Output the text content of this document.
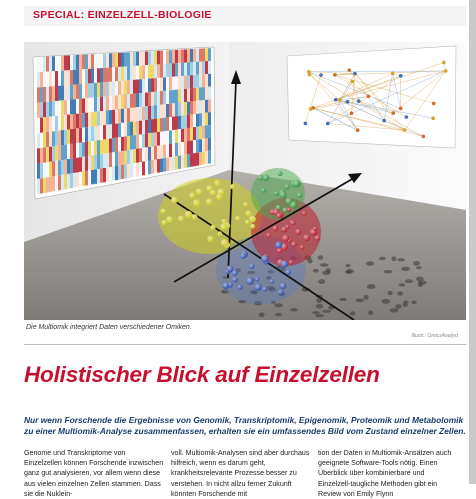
SPECIAL: EINZELZELL-BIOLOGIE
Die Multiomik integriert Daten verschiedener Omiken.
Illustr.: OmicsAnalyst
Holistischer Blick auf Einzelzellen

Nur wenn Forschende die Ergebnisse von Genomik, Transkriptomik, Epigenomik, Proteomik und Metabolomik zu einer Multiomik-Analyse zusammenfassen, erhalten sie ein umfassendes Bild vom Zustand einzelner Zellen.

Genome und Transkriptome von Einzelzellen können Forschende inzwischen ganz gut analysieren, vor allem wenn diese aus vielen einzelnen Zellen stammen. Dass sie die Nuklein-

voll. Multiomik-Analysen sind aber durchaus hilfreich, wenn es darum geht, krankheitsrelevante Prozesse besser zu verstehen. In nicht allzu ferner Zukunft könnten Forschende mit

tion der Daten in Multiomik-Ansätzen auch geeignete Software-Tools nötig. Einen Überblick über kombinierbare und Einzelzell-taugliche Methoden gibt ein Review von Emily Flynn
